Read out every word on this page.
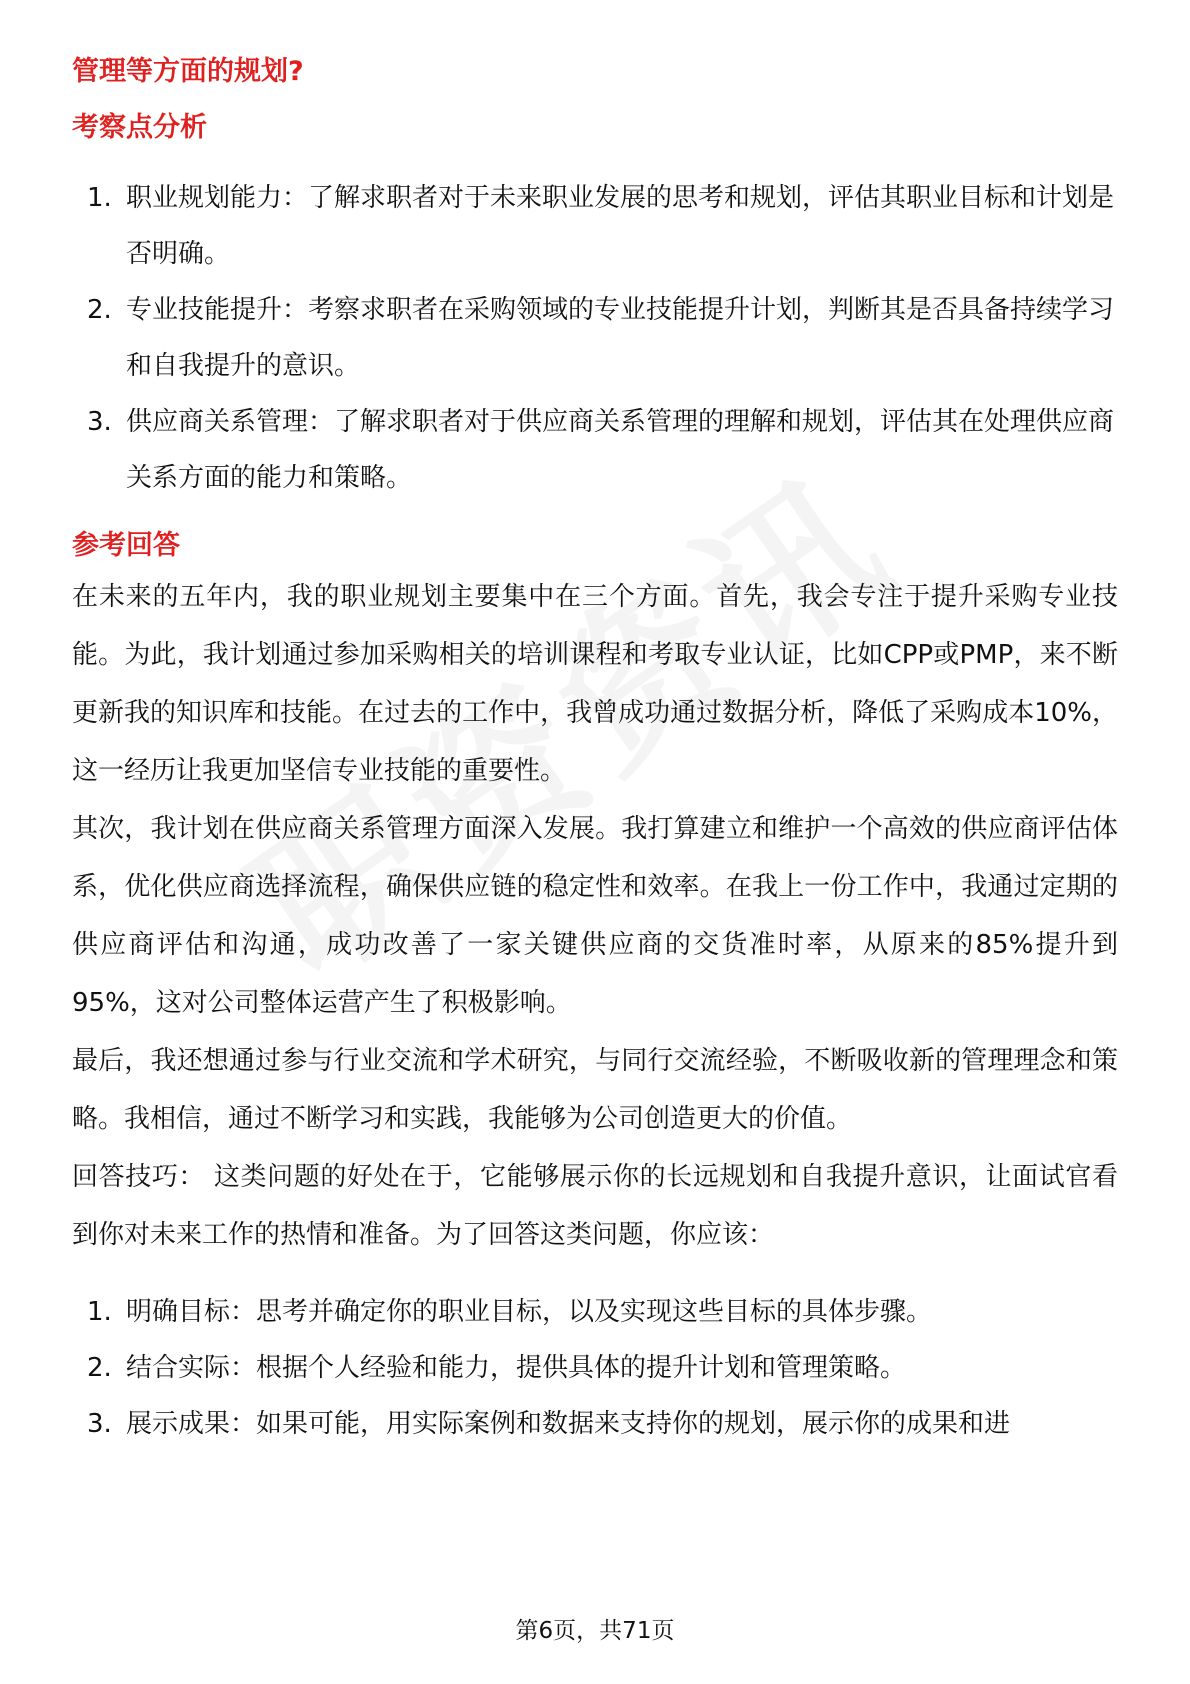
管理等方面的规划?
考察点分析
1. 职业规划能力：了解求职者对于未来职业发展的思考和规划，评估其职业目标和计划是否明确。
2. 专业技能提升：考察求职者在采购领域的专业技能提升计划，判断其是否具备持续学习和自我提升的意识。
3. 供应商关系管理：了解求职者对于供应商关系管理的理解和规划，评估其在处理供应商关系方面的能力和策略。
参考回答

在未来的五年内，我的职业规划主要集中在三个方面。首先，我会专注于提升采购专业技能。为此，我计划通过参加采购相关的培训课程和考取专业认证，比如CPP或PMP，来不断更新我的知识库和技能。在过去的工作中，我曾成功通过数据分析，降低了采购成本10%，这一经历让我更加坚信专业技能的重要性。

其次，我计划在供应商关系管理方面深入发展。我打算建立和维护一个高效的供应商评估体系，优化供应商选择流程，确保供应链的稳定性和效率。在我上一份工作中，我通过定期的供应商评估和沟通，成功改善了一家关键供应商的交货准时率，从原来的85%提升到95%，这对公司整体运营产生了积极影响。

最后，我还想通过参与行业交流和学术研究，与同行交流经验，不断吸收新的管理理念和策略。我相信，通过不断学习和实践，我能够为公司创造更大的价值。

回答技巧： 这类问题的好处在于，它能够展示你的长远规划和自我提升意识，让面试官看到你对未来工作的热情和准备。为了回答这类问题，你应该：

1. 明确目标：思考并确定你的职业目标，以及实现这些目标的具体步骤。
2. 结合实际：根据个人经验和能力，提供具体的提升计划和管理策略。
3. 展示成果：如果可能，用实际案例和数据来支持你的规划，展示你的成果和进
第6页，共71页
